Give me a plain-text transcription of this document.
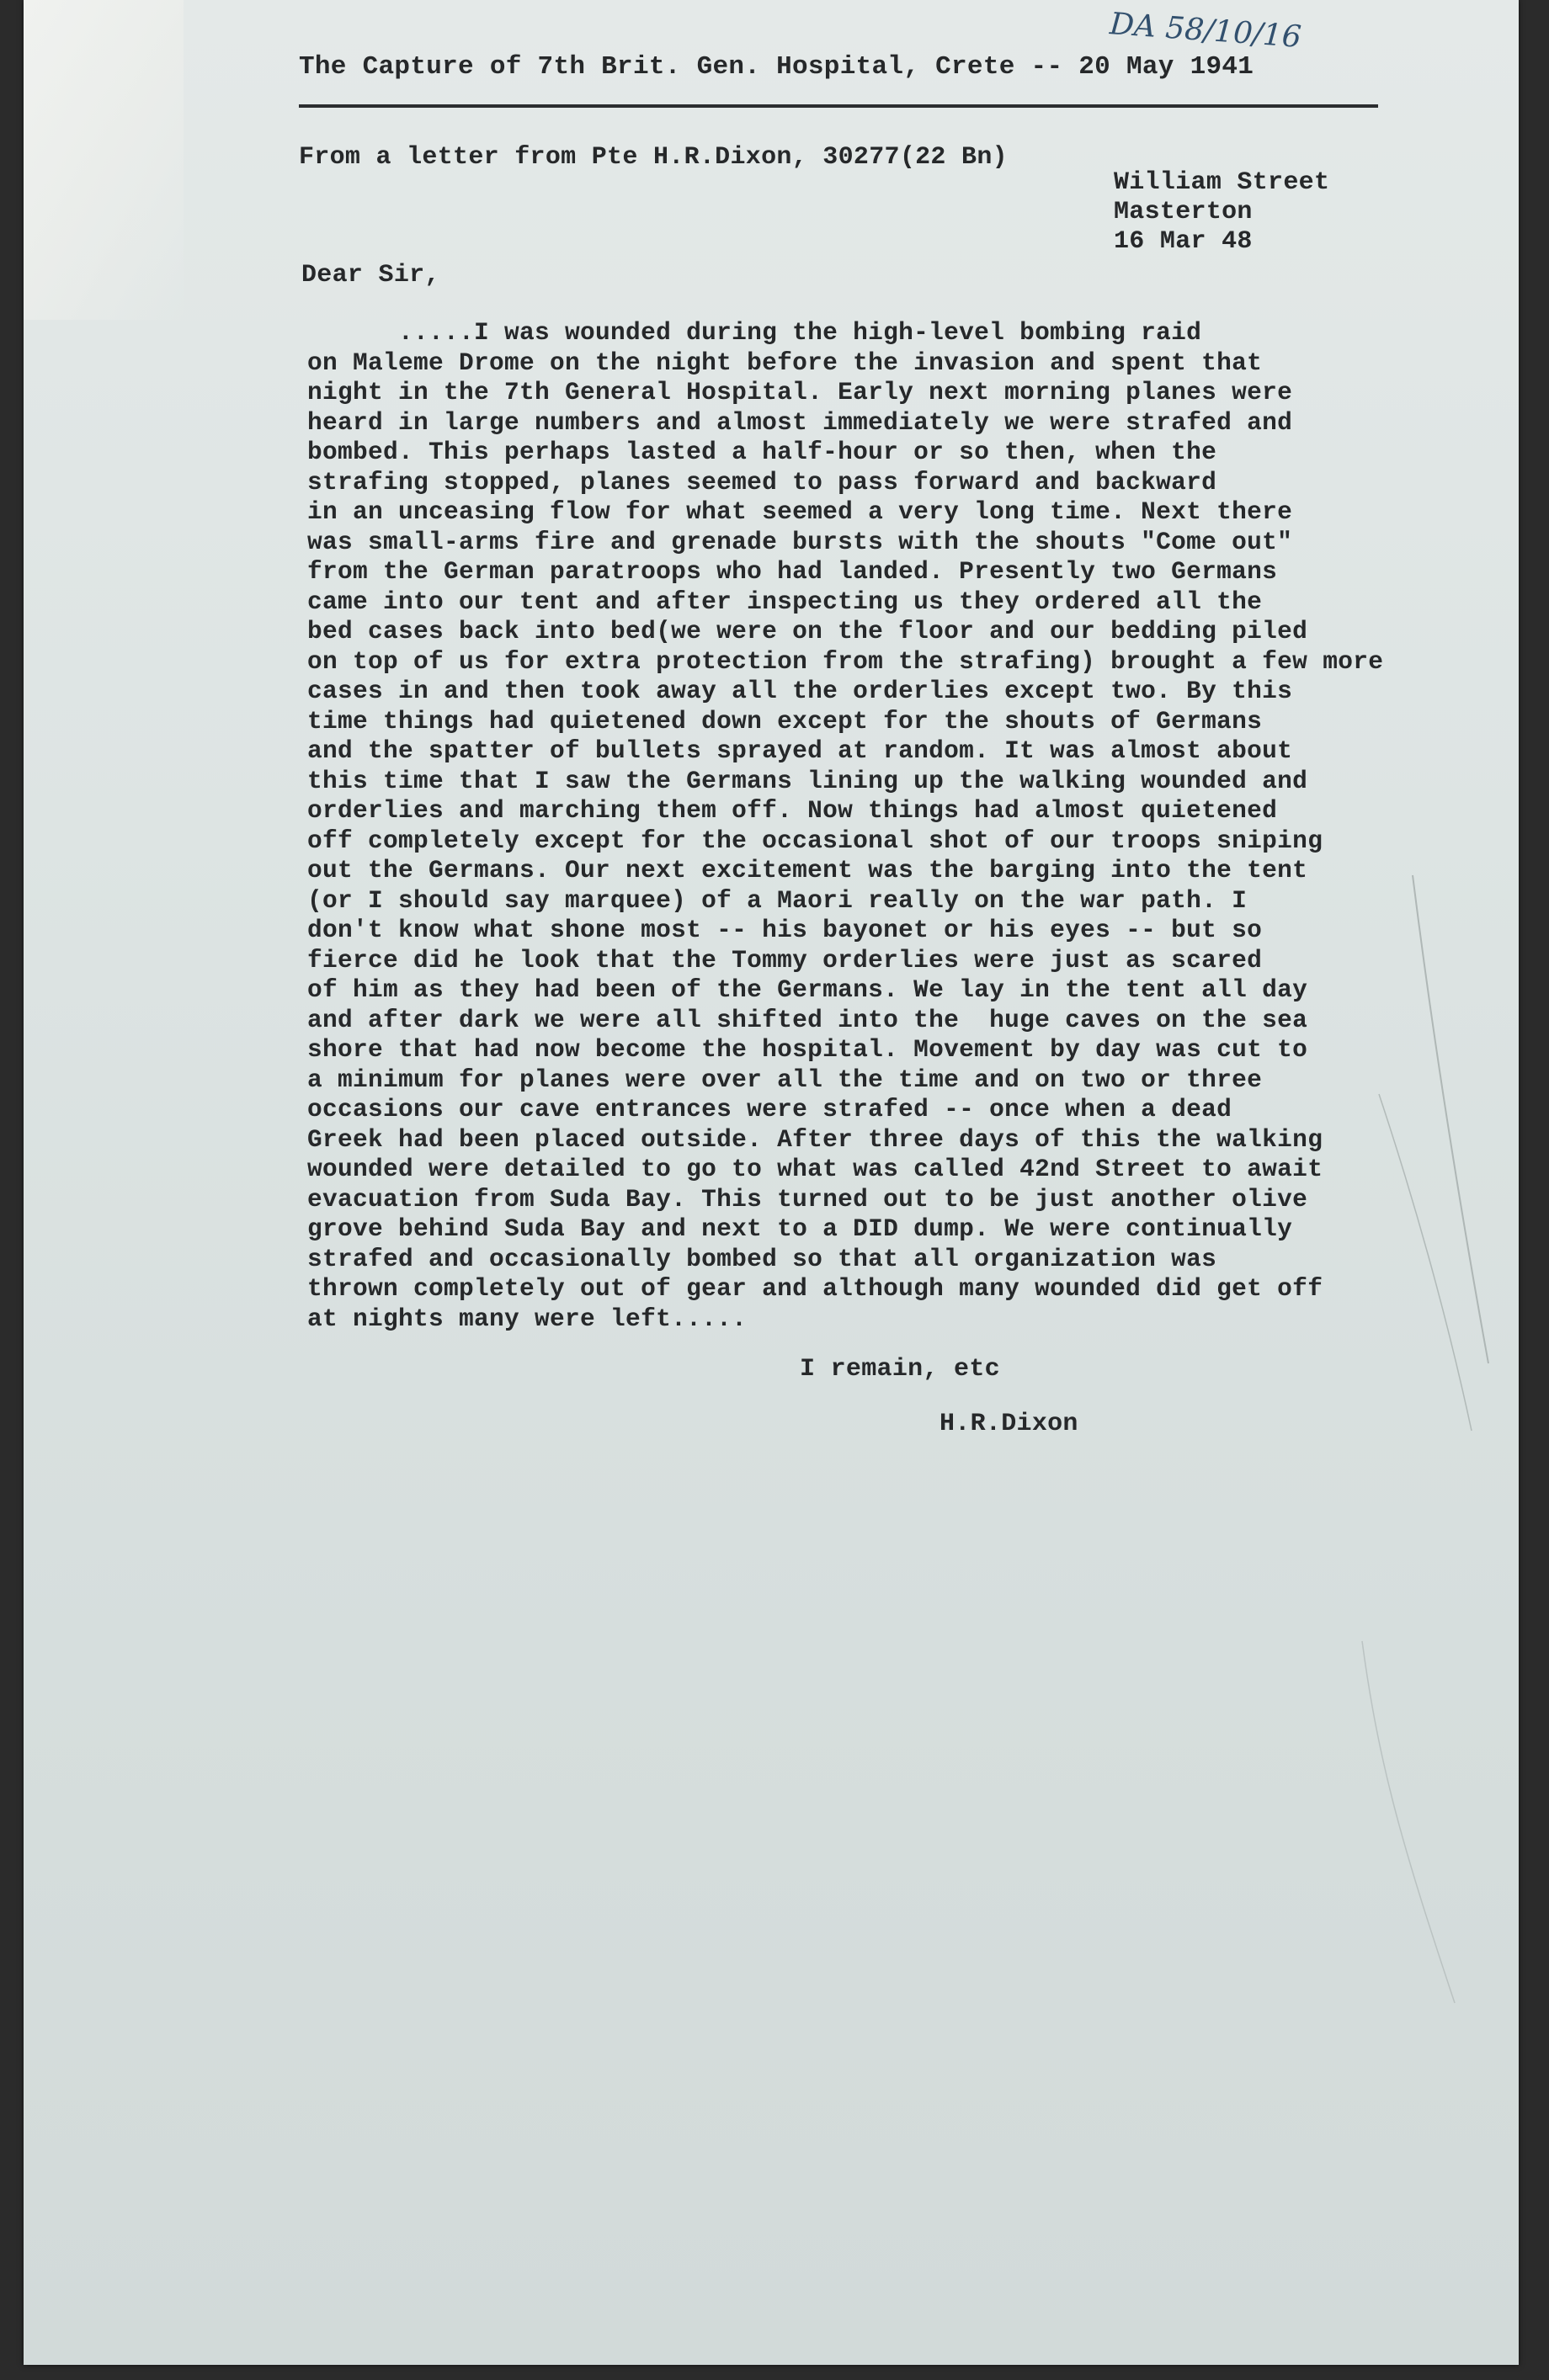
DA 58/10/16
The Capture of 7th Brit. Gen. Hospital, Crete -- 20 May 1941
From a letter from Pte H.R.Dixon, 30277(22 Bn)
William Street
Masterton
16 Mar 48
Dear Sir,
.....I was wounded during the high-level bombing raid
on Maleme Drome on the night before the invasion and spent that
night in the 7th General Hospital. Early next morning planes were
heard in large numbers and almost immediately we were strafed and
bombed. This perhaps lasted a half-hour or so then, when the
strafing stopped, planes seemed to pass forward and backward
in an unceasing flow for what seemed a very long time. Next there
was small-arms fire and grenade bursts with the shouts "Come out"
from the German paratroops who had landed. Presently two Germans
came into our tent and after inspecting us they ordered all the
bed cases back into bed(we were on the floor and our bedding piled
on top of us for extra protection from the strafing) brought a few more
cases in and then took away all the orderlies except two. By this
time things had quietened down except for the shouts of Germans
and the spatter of bullets sprayed at random. It was almost about
this time that I saw the Germans lining up the walking wounded and
orderlies and marching them off. Now things had almost quietened
off completely except for the occasional shot of our troops sniping
out the Germans. Our next excitement was the barging into the tent
(or I should say marquee) of a Maori really on the war path. I
don't know what shone most -- his bayonet or his eyes -- but so
fierce did he look that the Tommy orderlies were just as scared
of him as they had been of the Germans. We lay in the tent all day
and after dark we were all shifted into the  huge caves on the sea
shore that had now become the hospital. Movement by day was cut to
a minimum for planes were over all the time and on two or three
occasions our cave entrances were strafed -- once when a dead
Greek had been placed outside. After three days of this the walking
wounded were detailed to go to what was called 42nd Street to await
evacuation from Suda Bay. This turned out to be just another olive
grove behind Suda Bay and next to a DID dump. We were continually
strafed and occasionally bombed so that all organization was
thrown completely out of gear and although many wounded did get off
at nights many were left.....
I remain, etc
H.R.Dixon
